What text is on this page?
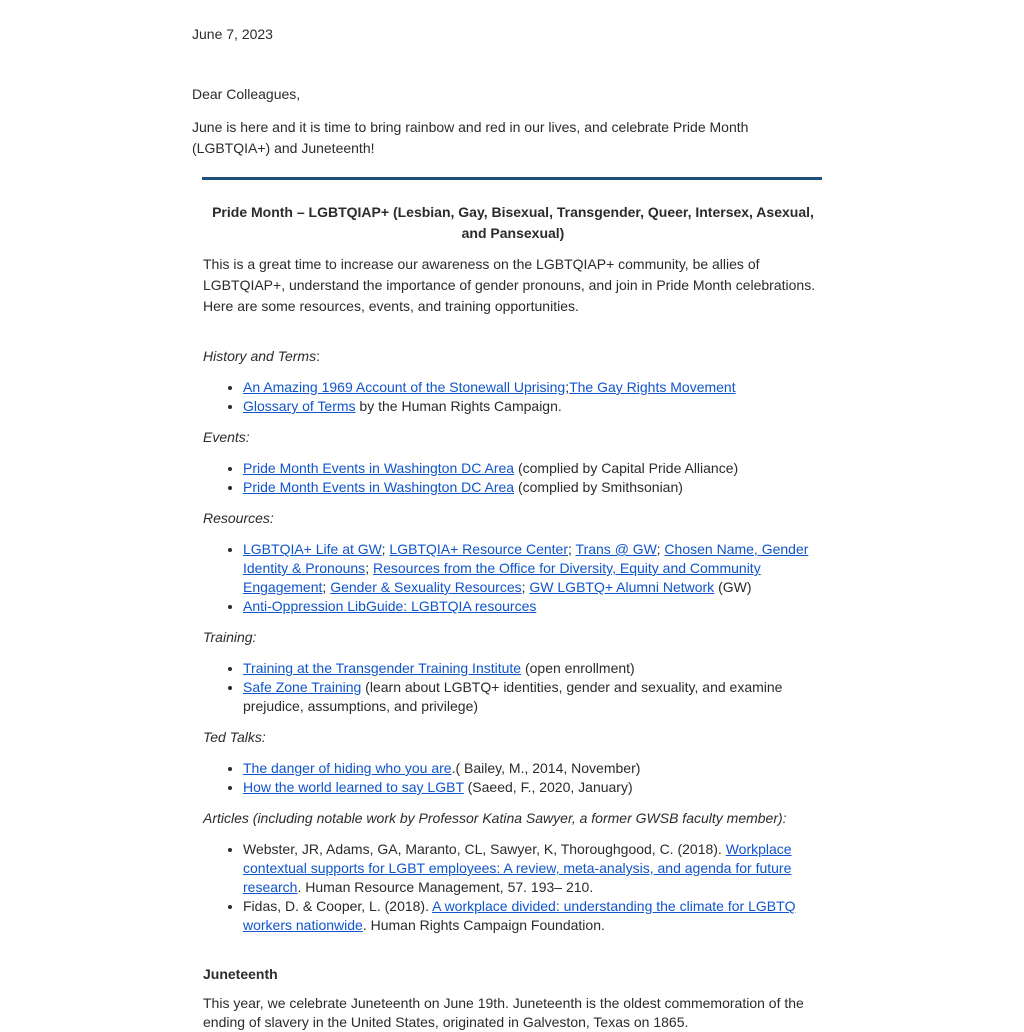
June 7, 2023
Dear Colleagues,
June is here and it is time to bring rainbow and red in our lives, and celebrate Pride Month (LGBTQIA+) and Juneteenth!

Pride Month – LGBTQIAP+ (Lesbian, Gay, Bisexual, Transgender, Queer, Intersex, Asexual, and Pansexual)

This is a great time to increase our awareness on the LGBTQIAP+ community, be allies of LGBTQIAP+, understand the importance of gender pronouns, and join in Pride Month celebrations. Here are some resources, events, and training opportunities.

History and Terms:

• An Amazing 1969 Account of the Stonewall Uprising;The Gay Rights Movement
• Glossary of Terms by the Human Rights Campaign.

Events:

• Pride Month Events in Washington DC Area (complied by Capital Pride Alliance)
• Pride Month Events in Washington DC Area (complied by Smithsonian)

Resources:

• LGBTQIA+ Life at GW; LGBTQIA+ Resource Center; Trans @ GW; Chosen Name, Gender Identity & Pronouns; Resources from the Office for Diversity, Equity and Community Engagement; Gender & Sexuality Resources; GW LGBTQ+ Alumni Network (GW)
• Anti-Oppression LibGuide: LGBTQIA resources

Training:

• Training at the Transgender Training Institute (open enrollment)
• Safe Zone Training (learn about LGBTQ+ identities, gender and sexuality, and examine prejudice, assumptions, and privilege)

Ted Talks:

• The danger of hiding who you are.( Bailey, M., 2014, November)
• How the world learned to say LGBT (Saeed, F., 2020, January)

Articles (including notable work by Professor Katina Sawyer, a former GWSB faculty member):

• Webster, JR, Adams, GA, Maranto, CL, Sawyer, K, Thoroughgood, C. (2018). Workplace contextual supports for LGBT employees: A review, meta-analysis, and agenda for future research. Human Resource Management, 57. 193– 210.
• Fidas, D. & Cooper, L. (2018). A workplace divided: understanding the climate for LGBTQ workers nationwide. Human Rights Campaign Foundation.

Juneteenth

This year, we celebrate Juneteenth on June 19th. Juneteenth is the oldest commemoration of the ending of slavery in the United States, originated in Galveston, Texas on 1865.
